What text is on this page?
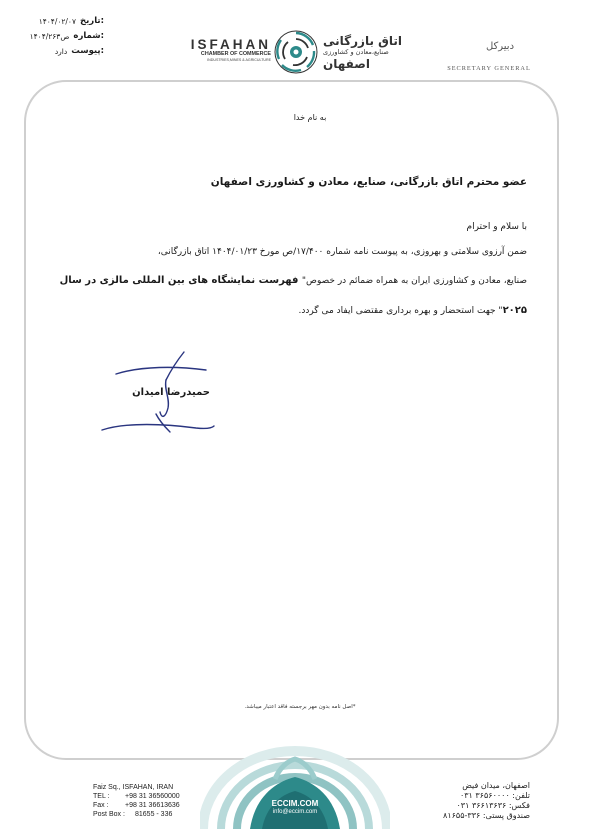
تاریخ:
۱۴۰۴/۰۲/۰۷
شماره:
۱۴۰۴/ص۲۶۳
پیوست:
دارد	ISFAHAN
CHAMBER OF COMMERCE
INDUSTRIES,MINES & AGRICULTURE
اتاق بازرگانی
صنایع،معادن و کشاورزی
اصفهان
دبیرکل
SECRETARY GENERAL
به نام خدا
عضو محترم اتاق بازرگانی، صنایع، معادن و کشاورزی اصفهان
با سلام و احترام
ضمن آرزوی سلامتی و بهروزی، به پیوست نامه شماره ۱۷/۴۰۰/ص مورخ ۱۴۰۴/۰۱/۲۳ اتاق بازرگانی،
صنایع، معادن و کشاورزی ایران به همراه ضمائم در خصوص" فهرست نمایشگاه های بین المللی مالزی در سال
۲۰۲۵" جهت استحضار و بهره برداری مقتضی ایفاد می گردد.
حمیدرضا امیدان
*اصل نامه بدون مهر برجسته فاقد اعتبار میباشد.
Faiz Sq., ISFAHAN, IRAN
TEL :	+98 31 36560000
Fax :	+98 31 36613636
Post Box :	81655 - 336
ECCIM.COM
info@eccim.com
اصفهان، میدان فیض
تلفن: ۳۶۵۶۰۰۰۰ ۰۳۱
فکس: ۳۶۶۱۳۶۳۶ ۰۳۱
صندوق پستی: ۳۳۶-۸۱۶۵۵
